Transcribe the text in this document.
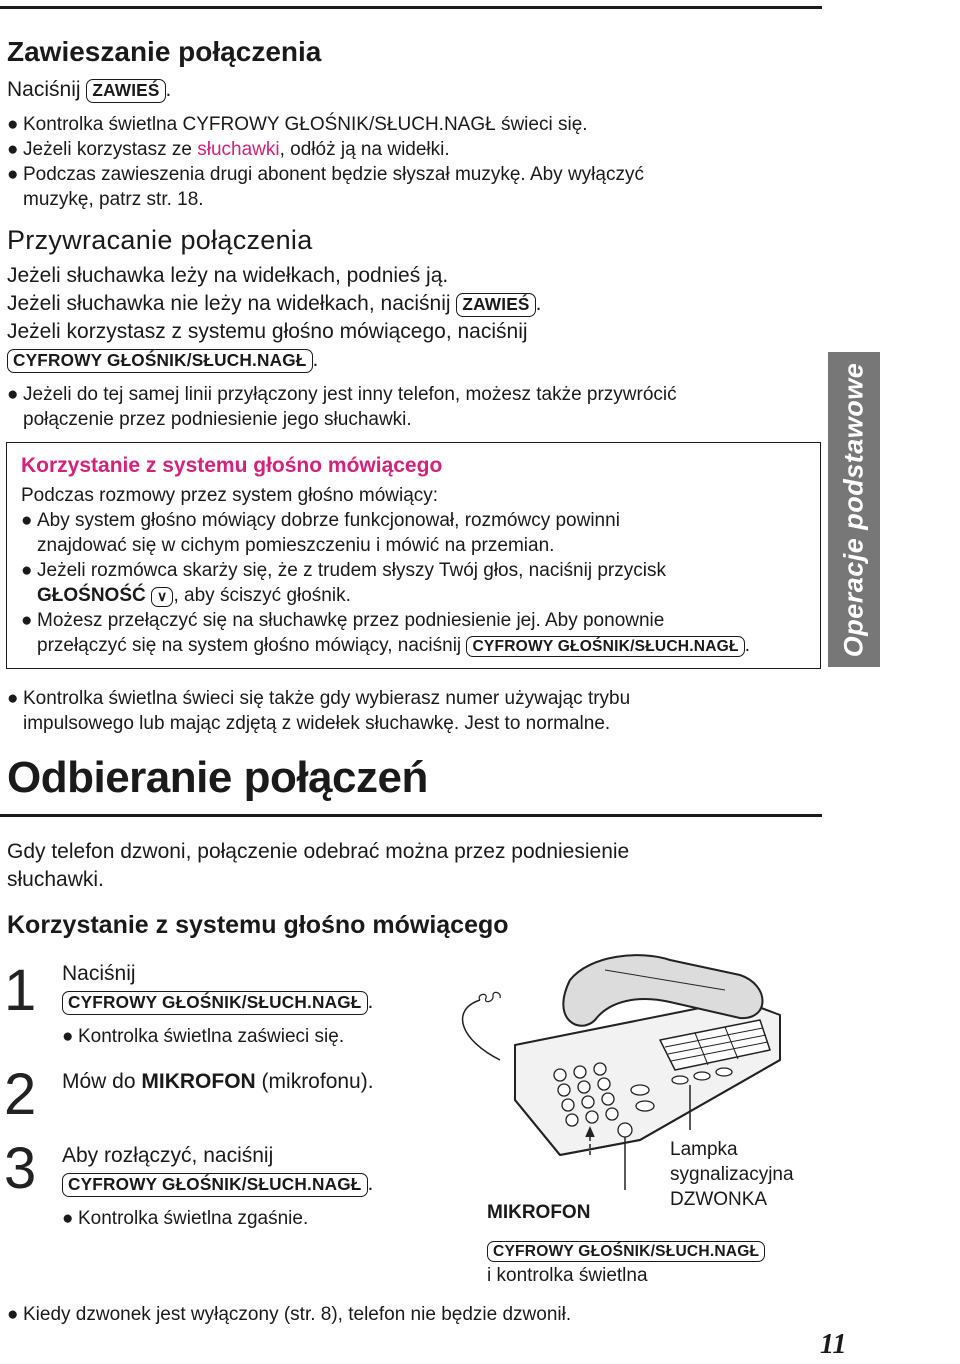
Zawieszanie połączenia
Naciśnij ZAWIEŚ .
● Kontrolka świetlna CYFROWY GŁOŚNIK/SŁUCH.NAGŁ świeci się.
● Jeżeli korzystasz ze słuchawki, odłóż ją na widełki.
● Podczas zawieszenia drugi abonent będzie słyszał muzykę. Aby wyłączyć
muzykę, patrz str. 18.
Przywracanie połączenia
Jeżeli słuchawka leży na widełkach, podnieś ją.
Jeżeli słuchawka nie leży na widełkach, naciśnij ZAWIEŚ .
Jeżeli korzystasz z systemu głośno mówiącego, naciśnij
CYFROWY GŁOŚNIK/SŁUCH.NAGŁ .
● Jeżeli do tej samej linii przyłączony jest inny telefon, możesz także przywrócić
połączenie przez podniesienie jego słuchawki.
Korzystanie z systemu głośno mówiącego
Podczas rozmowy przez system głośno mówiący:
● Aby system głośno mówiący dobrze funkcjonował, rozmówcy powinni
znajdować się w cichym pomieszczeniu i mówić na przemian.
● Jeżeli rozmówca skarży się, że z trudem słyszy Twój głos, naciśnij przycisk
GŁOŚNOŚĆ ∨ , aby ściszyć głośnik.
● Możesz przełączyć się na słuchawkę przez podniesienie jej. Aby ponownie
przełączyć się na system głośno mówiący, naciśnij CYFROWY GŁOŚNIK/SŁUCH.NAGŁ .	Operacje podstawowe
● Kontrolka świetlna świeci się także gdy wybierasz numer używając trybu
impulsowego lub mając zdjętą z widełek słuchawkę. Jest to normalne.
Odbieranie połączeń
Gdy telefon dzwoni, połączenie odebrać można przez podniesienie
słuchawki.
Korzystanie z systemu głośno mówiącego
1 Naciśnij
CYFROWY GŁOŚNIK/SŁUCH.NAGŁ .
● Kontrolka świetlna zaświeci się.
2 Mów do MIKROFON (mikrofonu).
3 Aby rozłączyć, naciśnij
CYFROWY GŁOŚNIK/SŁUCH.NAGŁ .
● Kontrolka świetlna zgaśnie.
Lampka
sygnalizacyjna
DZWONKA
MIKROFON
CYFROWY GŁOŚNIK/SŁUCH.NAGŁ
i kontrolka świetlna
● Kiedy dzwonek jest wyłączony (str. 8), telefon nie będzie dzwonił.
11
